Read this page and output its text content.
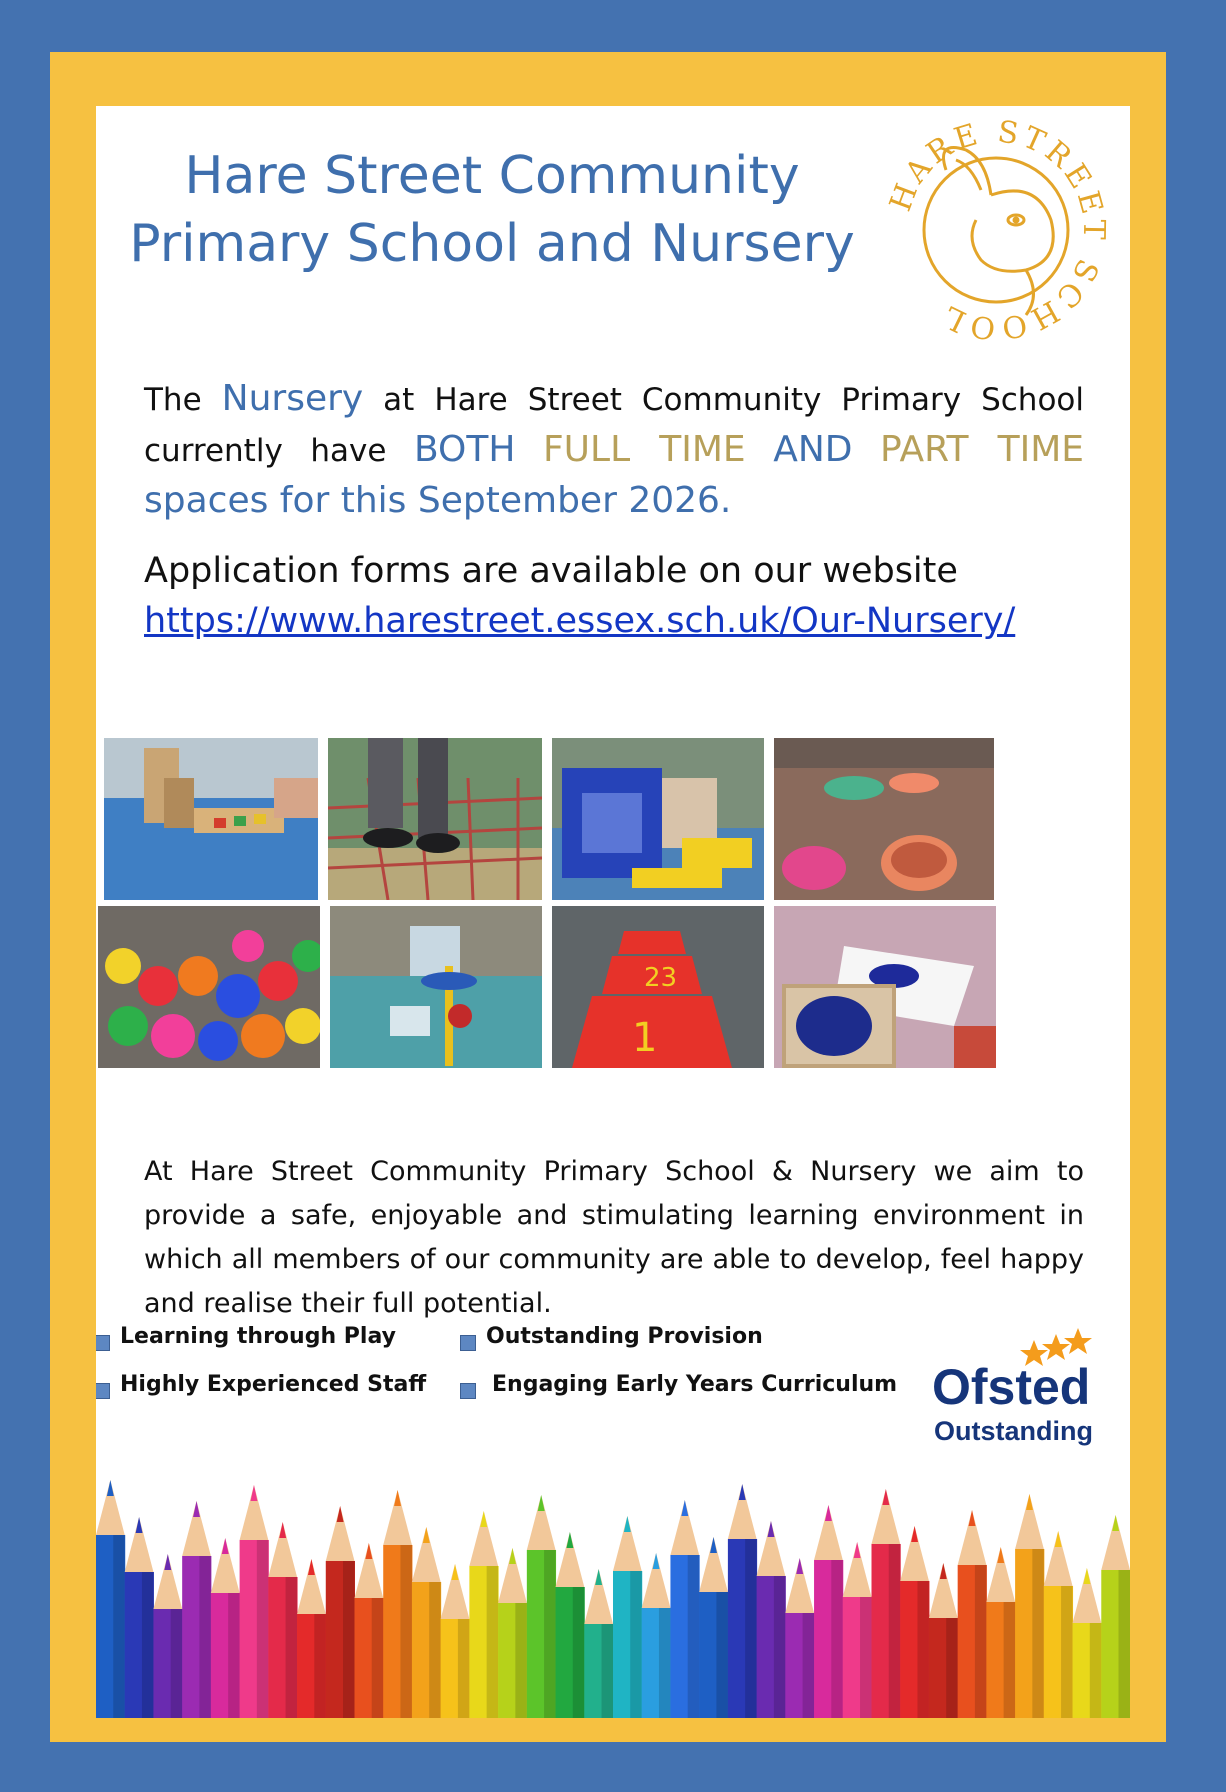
Hare Street Community
Primary School and Nursery
HARE STREET SCHOOL
The Nursery at Hare Street Community Primary School currently have BOTH FULL TIME AND PART TIME spaces for this September 2026.
Application forms are available on our website
https://www.harestreet.essex.sch.uk/Our-Nursery/
1
23
At Hare Street Community Primary School & Nursery we aim to provide a safe, enjoyable and stimulating learning environment in which all members of our community are able to develop, feel happy and realise their full potential.
Learning through Play	Outstanding Provision
Highly Experienced Staff	Engaging Early Years Curriculum Ofsted
Outstanding
